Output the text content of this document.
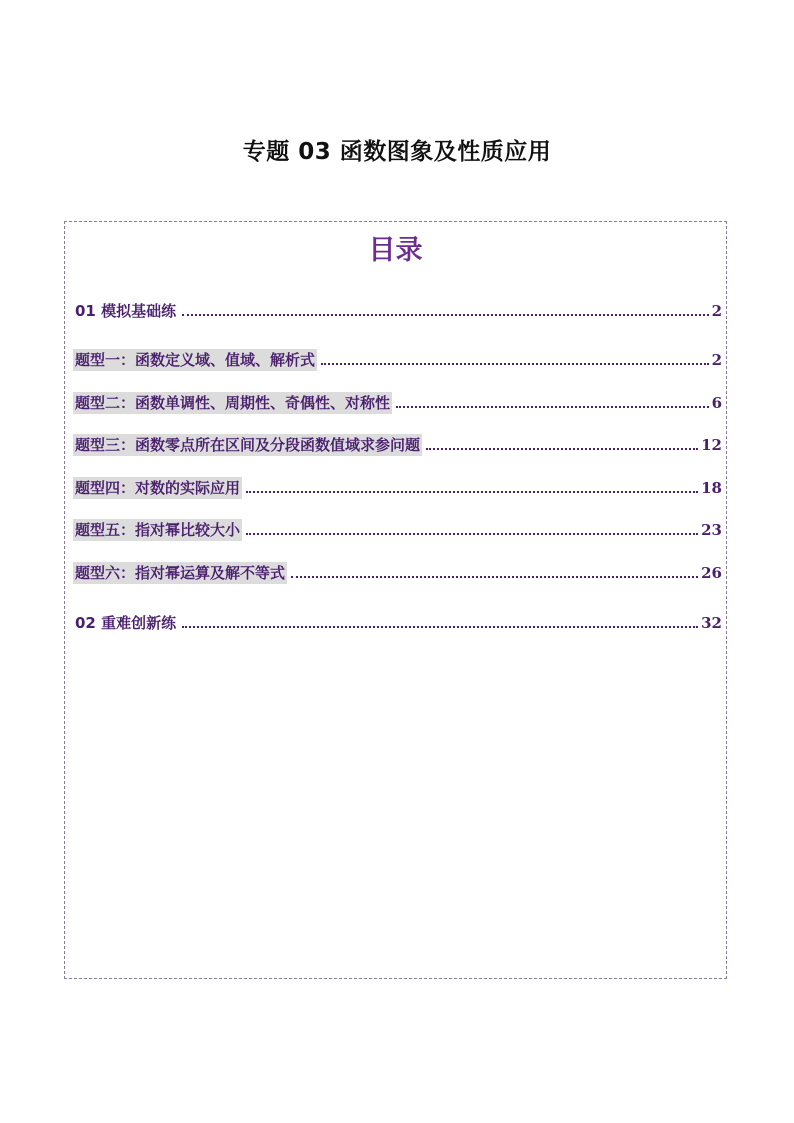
专题 03 函数图象及性质应用
目录
01 模拟基础练	2
题型一：函数定义域、值域、解析式	2
题型二：函数单调性、周期性、奇偶性、对称性	6
题型三：函数零点所在区间及分段函数值域求参问题	12
题型四：对数的实际应用	18
题型五：指对幂比较大小	23
题型六：指对幂运算及解不等式	26
02 重难创新练	32
